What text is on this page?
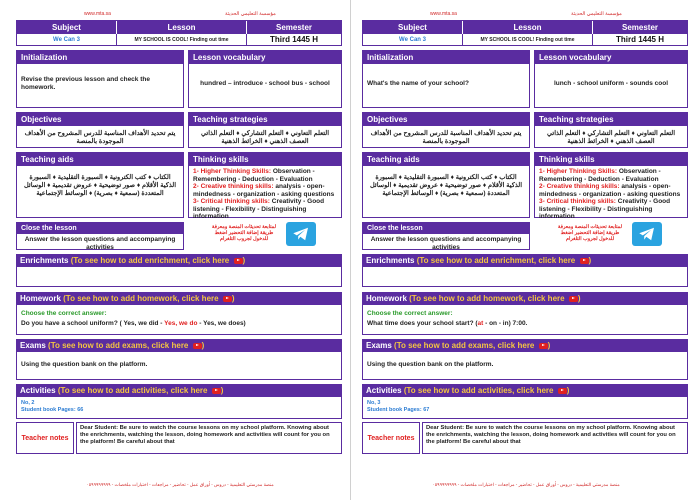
www.mta.sa	مؤسسة التعليمي الحديثة
Subject	Lesson	Semester
We Can 3	MY SCHOOL IS COOL!
Finding out time	Third 1445 H
Initialization
Revise the previous lesson and check the homework.
Lesson vocabulary
hundred – introduce - school bus - school
Objectives
يتم تحديد الأهداف المناسبة للدرس المشروح من الأهداف الموجودة بالمنصة
Teaching strategies
التعلم التعاوني ♦ التعلم التشاركي ♦ التعلم الذاتي العصف الذهني ♦ الخرائط الذهنية
Teaching aids
الكتاب ♦ كتب الكترونية ♦ السبورة التقليدية ♦ السبورة الذكية الأقلام ♦ صور توضيحية ♦ عروض تقديمية ♦ الوسائل المتعددة (سمعية ♦ بصرية) ♦ الوسائط الإجتماعية
Thinking skills
1- Higher Thinking Skills: Observation - Remembering - Deduction - Evaluation
2- Creative thinking skills: analysis - open-mindedness - organization - asking questions
3- Critical thinking skills: Creativity - Good listening - Flexibility - Distinguishing information
Close the lesson
Answer the lesson questions and accompanying activities
لمتابعة تحديثات المنصة ومعرفة طريقة إضافة التحضير اضغط للدخول لجروب التلغرام
Enrichments (To see how to add enrichment, click here )
Homework (To see how to add homework, click here )
Choose the correct answer:
Do you have a school uniform? ( Yes, we did - Yes, we do - Yes, we does)
Exams (To see how to add exams, click here )
Using the question bank on the platform.
Activities (To see how to add activities, click here )
No, 2
Student book Pages: 66
Teacher notes
Dear Student: Be sure to watch the course lessons on my school platform. Knowing about the enrichments, watching the lesson, doing homework and activities will count for you on the platform! Be careful about that
منصة مدرستي التعليمية - دروس - أوراق عمل - تحاضير - مراجعات - اختبارات ملخصات - ٠٥٩٩٩٩٩٩٩٩
www.mta.sa	مؤسسة التعليمي الحديثة
Subject	Lesson	Semester
We Can 3	MY SCHOOL IS COOL!
Finding out time	Third 1445 H
Initialization
What's the name of your school?
Lesson vocabulary
lunch - school uniform - sounds cool
Objectives
يتم تحديد الأهداف المناسبة للدرس المشروح من الأهداف الموجودة بالمنصة
Teaching strategies
التعلم التعاوني ♦ التعلم التشاركي ♦ التعلم الذاتي العصف الذهني ♦ الخرائط الذهنية
Teaching aids
الكتاب ♦ كتب الكترونية ♦ السبورة التقليدية ♦ السبورة الذكية الأقلام ♦ صور توضيحية ♦ عروض تقديمية ♦ الوسائل المتعددة (سمعية ♦ بصرية) ♦ الوسائط الإجتماعية
Thinking skills
1- Higher Thinking Skills: Observation - Remembering - Deduction - Evaluation
2- Creative thinking skills: analysis - open-mindedness - organization - asking questions
3- Critical thinking skills: Creativity - Good listening - Flexibility - Distinguishing information
Close the lesson
Answer the lesson questions and accompanying activities
لمتابعة تحديثات المنصة ومعرفة طريقة إضافة التحضير اضغط للدخول لجروب التلغرام
Enrichments (To see how to add enrichment, click here )
Homework (To see how to add homework, click here )
Choose the correct answer:
What time does your school start? (at - on - in) 7:00.
Exams (To see how to add exams, click here )
Using the question bank on the platform.
Activities (To see how to add activities, click here )
No, 3
Student book Pages: 67
Teacher notes
Dear Student: Be sure to watch the course lessons on my school platform. Knowing about the enrichments, watching the lesson, doing homework and activities will count for you on the platform! Be careful about that
منصة مدرستي التعليمية - دروس - أوراق عمل - تحاضير - مراجعات - اختبارات ملخصات - ٠٥٩٩٩٩٩٩٩٩
